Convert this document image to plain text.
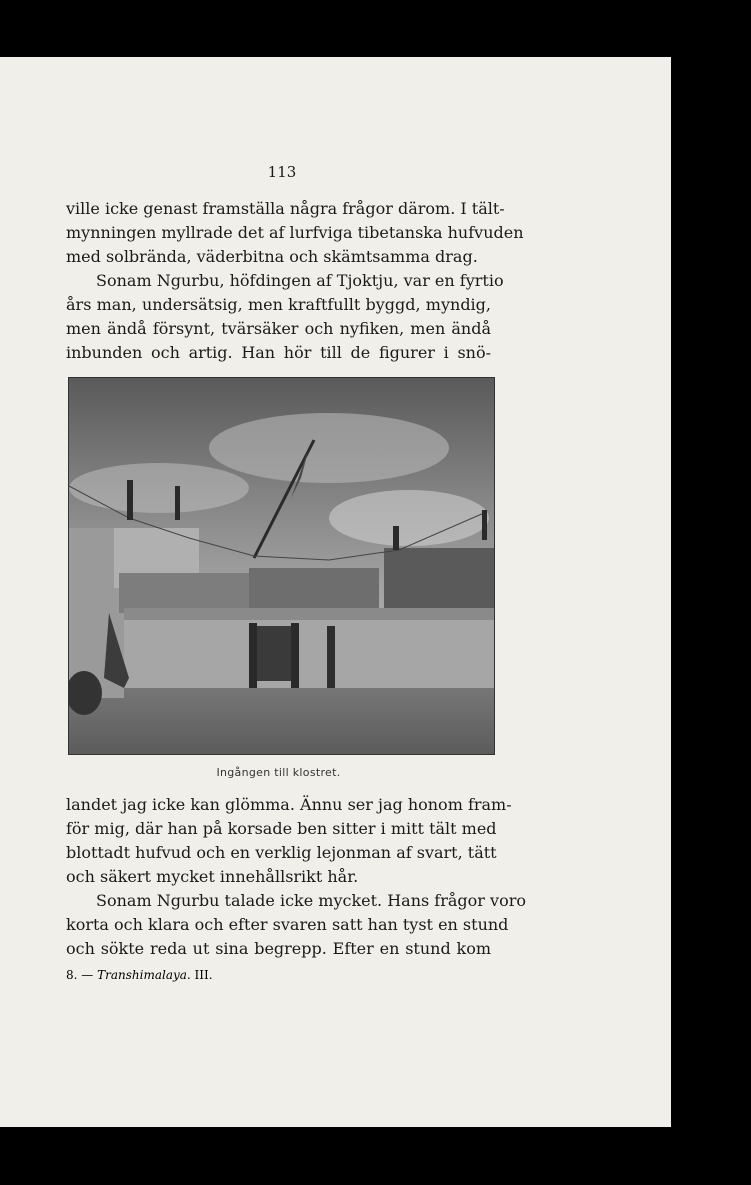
113
ville icke genast framställa några frågor därom. I tält-
mynningen myllrade det af lurfviga tibetanska hufvuden
med solbrända, väderbitna och skämtsamma drag.
Sonam Ngurbu, höfdingen af Tjoktju, var en fyrtio
års man, undersätsig, men kraftfullt byggd, myndig,
men ändå försynt, tvärsäker och nyfiken, men ändå
inbunden och artig. Han hör till de figurer i snö-
Ingången till klostret.
landet jag icke kan glömma. Ännu ser jag honom fram-
för mig, där han på korsade ben sitter i mitt tält med
blottadt hufvud och en verklig lejonman af svart, tätt
och säkert mycket innehållsrikt hår.
Sonam Ngurbu talade icke mycket. Hans frågor voro
korta och klara och efter svaren satt han tyst en stund
och sökte reda ut sina begrepp. Efter en stund kom
8. — Transhimalaya. III.
